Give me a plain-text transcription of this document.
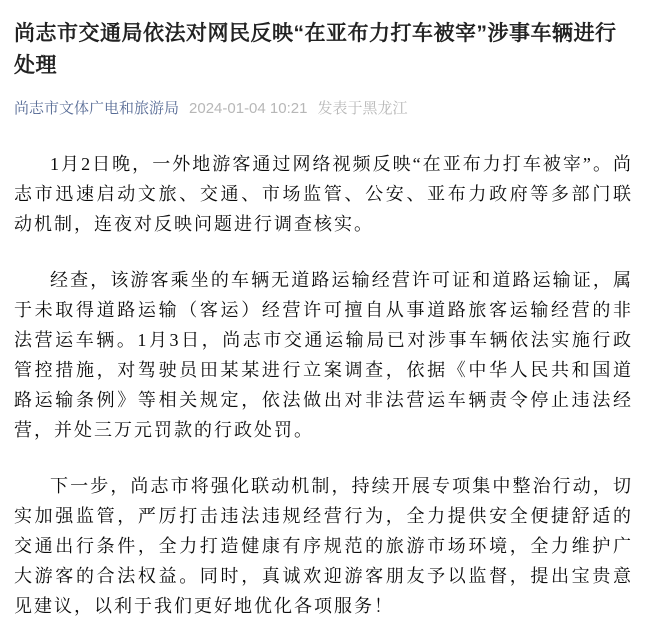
尚志市交通局依法对网民反映“在亚布力打车被宰”涉事车辆进行处理
尚志市文体广电和旅游局 2024-01-04 10:21 发表于黑龙江

1月2日晚，一外地游客通过网络视频反映“在亚布力打车被宰”。尚志市迅速启动文旅、交通、市场监管、公安、亚布力政府等多部门联动机制，连夜对反映问题进行调查核实。

经查，该游客乘坐的车辆无道路运输经营许可证和道路运输证，属于未取得道路运输（客运）经营许可擅自从事道路旅客运输经营的非法营运车辆。1月3日，尚志市交通运输局已对涉事车辆依法实施行政管控措施，对驾驶员田某某进行立案调查，依据《中华人民共和国道路运输条例》等相关规定，依法做出对非法营运车辆责令停止违法经营，并处三万元罚款的行政处罚。

下一步，尚志市将强化联动机制，持续开展专项集中整治行动，切实加强监管，严厉打击违法违规经营行为，全力提供安全便捷舒适的交通出行条件，全力打造健康有序规范的旅游市场环境，全力维护广大游客的合法权益。同时，真诚欢迎游客朋友予以监督，提出宝贵意见建议，以利于我们更好地优化各项服务！
